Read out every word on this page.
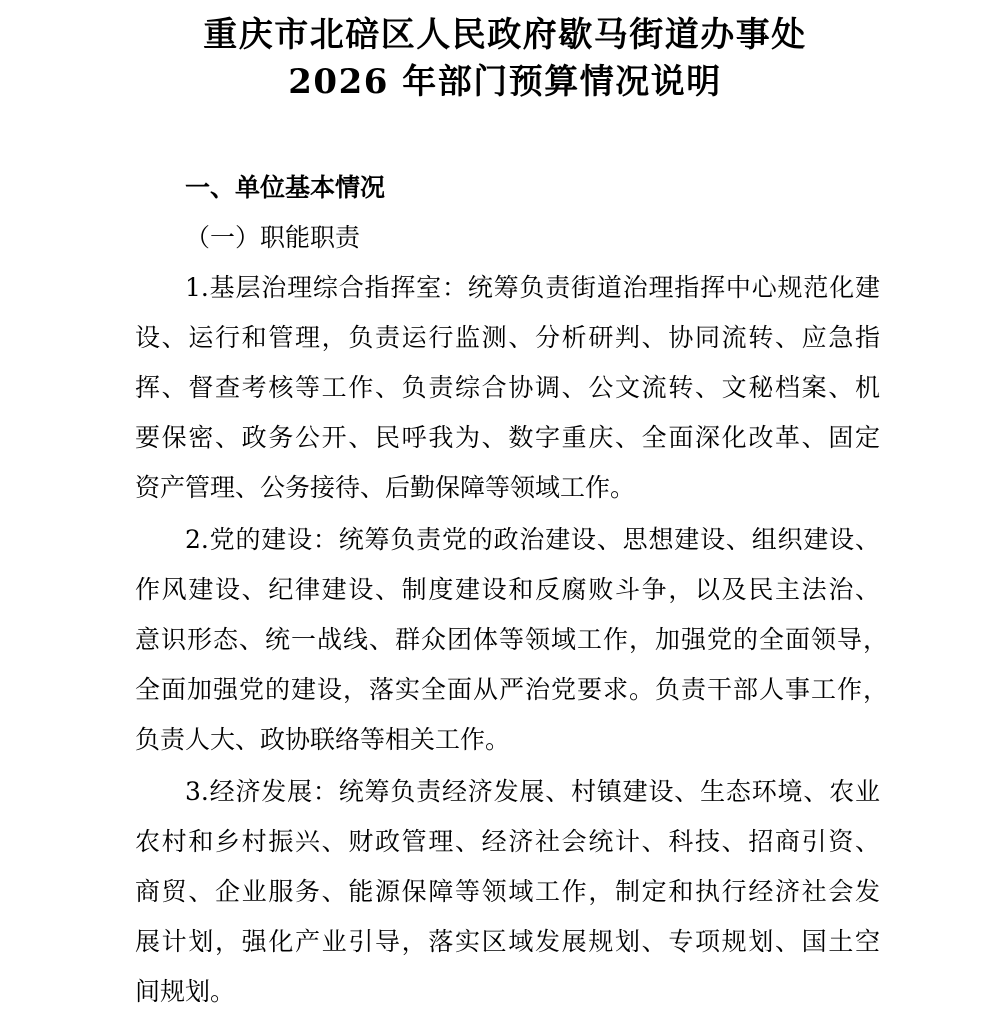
重庆市北碚区人民政府歇马街道办事处
2026 年部门预算情况说明
一、单位基本情况
（一）职能职责
1.基层治理综合指挥室：统筹负责街道治理指挥中心规范化建
设、运行和管理，负责运行监测、分析研判、协同流转、应急指
挥、督查考核等工作、负责综合协调、公文流转、文秘档案、机
要保密、政务公开、民呼我为、数字重庆、全面深化改革、固定
资产管理、公务接待、后勤保障等领域工作。
2.党的建设：统筹负责党的政治建设、思想建设、组织建设、
作风建设、纪律建设、制度建设和反腐败斗争，以及民主法治、
意识形态、统一战线、群众团体等领域工作，加强党的全面领导，
全面加强党的建设，落实全面从严治党要求。负责干部人事工作，
负责人大、政协联络等相关工作。
3.经济发展：统筹负责经济发展、村镇建设、生态环境、农业
农村和乡村振兴、财政管理、经济社会统计、科技、招商引资、
商贸、企业服务、能源保障等领域工作，制定和执行经济社会发
展计划，强化产业引导，落实区域发展规划、专项规划、国土空
间规划。
